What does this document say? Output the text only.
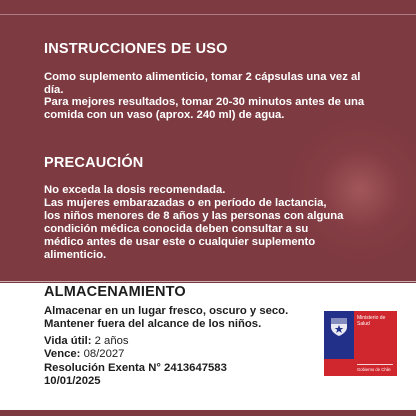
INSTRUCCIONES DE USO
Como suplemento alimenticio, tomar 2 cápsulas una vez al día.
Para mejores resultados, tomar 20-30 minutos antes de una comida con un vaso (aprox. 240 ml) de agua.
PRECAUCIÓN
No exceda la dosis recomendada.
Las mujeres embarazadas o en período de lactancia, los niños menores de 8 años y las personas con alguna condición médica conocida deben consultar a su médico antes de usar este o cualquier suplemento alimenticio.
ALMACENAMIENTO
Almacenar en un lugar fresco, oscuro y seco. Mantener fuera del alcance de los niños.
Vida útil: 2 años
Vence: 08/2027
Resolución Exenta N° 2413647583
10/01/2025
Ministerio de Salud
Gobierno de Chile
